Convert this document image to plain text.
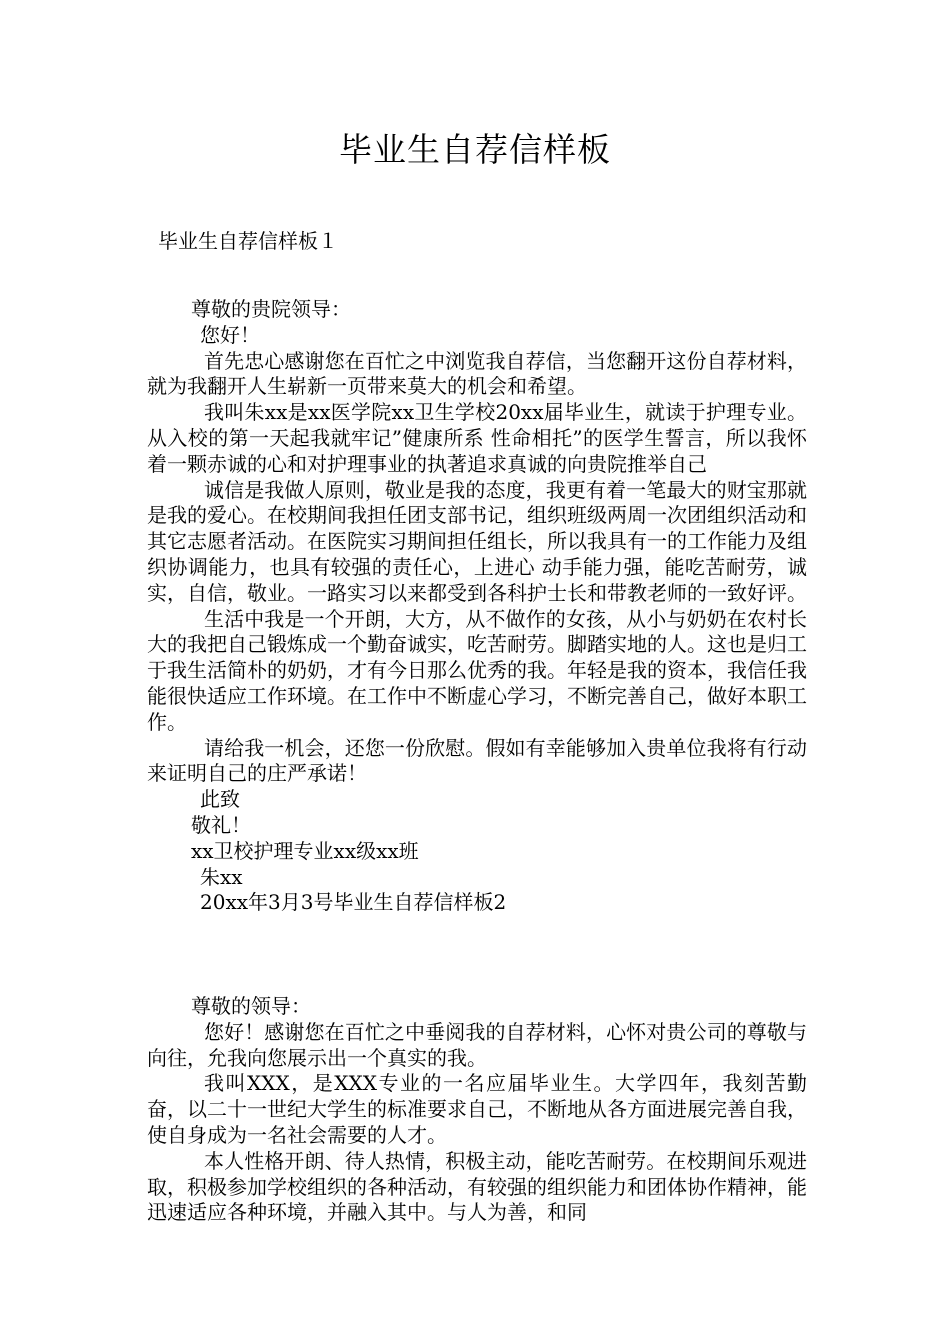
毕业生自荐信样板
毕业生自荐信样板１

尊敬的贵院领导：

您好！

首先忠心感谢您在百忙之中浏览我自荐信，当您翻开这份自荐材料，就为我翻开人生崭新一页带来莫大的机会和希望。

我叫朱xx是xx医学院xx卫生学校20xx届毕业生，就读于护理专业。从入校的第一天起我就牢记”健康所系 性命相托”的医学生誓言，所以我怀着一颗赤诚的心和对护理事业的执著追求真诚的向贵院推举自己

诚信是我做人原则，敬业是我的态度，我更有着一笔最大的财宝那就是我的爱心。在校期间我担任团支部书记，组织班级两周一次团组织活动和其它志愿者活动。在医院实习期间担任组长，所以我具有一的工作能力及组织协调能力，也具有较强的责任心，上进心 动手能力强，能吃苦耐劳，诚实，自信，敬业。一路实习以来都受到各科护士长和带教老师的一致好评。

生活中我是一个开朗，大方，从不做作的女孩，从小与奶奶在农村长大的我把自己锻炼成一个勤奋诚实，吃苦耐劳。脚踏实地的人。这也是归工于我生活简朴的奶奶，才有今日那么优秀的我。年轻是我的资本，我信任我能很快适应工作环境。在工作中不断虚心学习，不断完善自己，做好本职工作。

请给我一机会，还您一份欣慰。假如有幸能够加入贵单位我将有行动来证明自己的庄严承诺！

此致

敬礼！

xx卫校护理专业xx级xx班

朱xx

20xx年3月3号毕业生自荐信样板2

尊敬的领导：

您好！感谢您在百忙之中垂阅我的自荐材料，心怀对贵公司的尊敬与向往，允我向您展示出一个真实的我。

我叫XXX，是XXX专业的一名应届毕业生。大学四年，我刻苦勤奋，以二十一世纪大学生的标准要求自己，不断地从各方面进展完善自我，使自身成为一名社会需要的人才。

本人性格开朗、待人热情，积极主动，能吃苦耐劳。在校期间乐观进取，积极参加学校组织的各种活动，有较强的组织能力和团体协作精神，能迅速适应各种环境，并融入其中。与人为善，和同
